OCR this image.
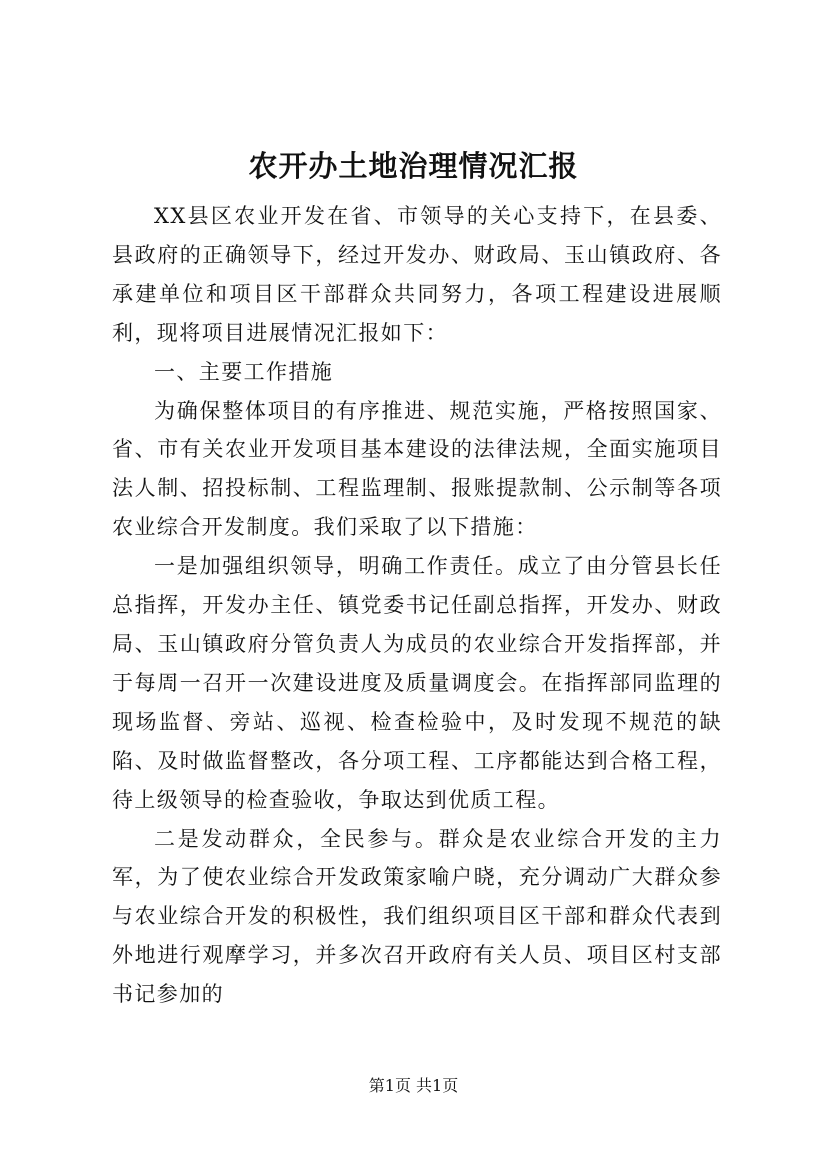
农开办土地治理情况汇报

XX县区农业开发在省、市领导的关心支持下，在县委、县政府的正确领导下，经过开发办、财政局、玉山镇政府、各承建单位和项目区干部群众共同努力，各项工程建设进展顺利，现将项目进展情况汇报如下：

一、主要工作措施

为确保整体项目的有序推进、规范实施，严格按照国家、省、市有关农业开发项目基本建设的法律法规，全面实施项目法人制、招投标制、工程监理制、报账提款制、公示制等各项农业综合开发制度。我们采取了以下措施：

一是加强组织领导，明确工作责任。成立了由分管县长任总指挥，开发办主任、镇党委书记任副总指挥，开发办、财政局、玉山镇政府分管负责人为成员的农业综合开发指挥部，并于每周一召开一次建设进度及质量调度会。在指挥部同监理的现场监督、旁站、巡视、检查检验中，及时发现不规范的缺陷、及时做监督整改，各分项工程、工序都能达到合格工程，待上级领导的检查验收，争取达到优质工程。

二是发动群众，全民参与。群众是农业综合开发的主力军，为了使农业综合开发政策家喻户晓，充分调动广大群众参与农业综合开发的积极性，我们组织项目区干部和群众代表到外地进行观摩学习，并多次召开政府有关人员、项目区村支部书记参加的

第1页 共1页
